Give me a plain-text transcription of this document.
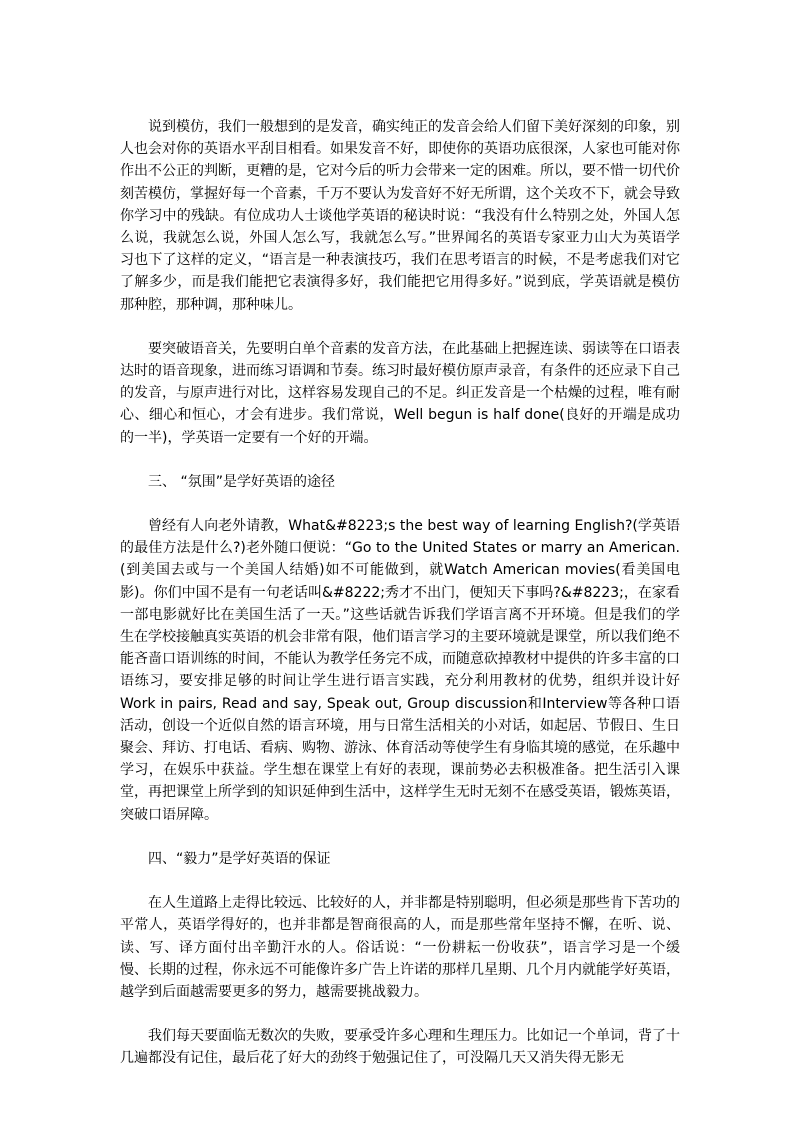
说到模仿，我们一般想到的是发音，确实纯正的发音会给人们留下美好深刻的印象，别人也会对你的英语水平刮目相看。如果发音不好，即使你的英语功底很深，人家也可能对你作出不公正的判断，更糟的是，它对今后的听力会带来一定的困难。所以，要不惜一切代价刻苦模仿，掌握好每一个音素，千万不要认为发音好不好无所谓，这个关攻不下，就会导致你学习中的残缺。有位成功人士谈他学英语的秘诀时说：“我没有什么特别之处，外国人怎么说，我就怎么说，外国人怎么写，我就怎么写。”世界闻名的英语专家亚力山大为英语学习也下了这样的定义，“语言是一种表演技巧，我们在思考语言的时候，不是考虑我们对它了解多少，而是我们能把它表演得多好，我们能把它用得多好。”说到底，学英语就是模仿那种腔，那种调，那种味儿。

要突破语音关，先要明白单个音素的发音方法，在此基础上把握连读、弱读等在口语表达时的语音现象，进而练习语调和节奏。练习时最好模仿原声录音，有条件的还应录下自己的发音，与原声进行对比，这样容易发现自己的不足。纠正发音是一个枯燥的过程，唯有耐心、细心和恒心，才会有进步。我们常说，Well begun is half done(良好的开端是成功的一半)，学英语一定要有一个好的开端。

三、 “氛围”是学好英语的途径

曾经有人向老外请教，What&#8223;s the best way of learning English?(学英语的最佳方法是什么?)老外随口便说：“Go to the United States or marry an American.(到美国去或与一个美国人结婚)如不可能做到，就Watch American movies(看美国电影)。你们中国不是有一句老话叫&#8222;秀才不出门，便知天下事吗?&#8223;，在家看一部电影就好比在美国生活了一天。”这些话就告诉我们学语言离不开环境。但是我们的学生在学校接触真实英语的机会非常有限，他们语言学习的主要环境就是课堂，所以我们绝不能吝啬口语训练的时间，不能认为教学任务完不成，而随意砍掉教材中提供的许多丰富的口语练习，要安排足够的时间让学生进行语言实践，充分利用教材的优势，组织并设计好Work in pairs, Read and say, Speak out, Group discussion和Interview等各种口语活动，创设一个近似自然的语言环境，用与日常生活相关的小对话，如起居、节假日、生日聚会、拜访、打电话、看病、购物、游泳、体育活动等使学生有身临其境的感觉，在乐趣中学习，在娱乐中获益。学生想在课堂上有好的表现，课前势必去积极准备。把生活引入课堂，再把课堂上所学到的知识延伸到生活中，这样学生无时无刻不在感受英语，锻炼英语，突破口语屏障。

四、“毅力”是学好英语的保证

在人生道路上走得比较远、比较好的人，并非都是特别聪明，但必须是那些肯下苦功的平常人，英语学得好的，也并非都是智商很高的人，而是那些常年坚持不懈，在听、说、读、写、译方面付出辛勤汗水的人。俗话说：“一份耕耘一份收获”，语言学习是一个缓慢、长期的过程，你永远不可能像许多广告上许诺的那样几星期、几个月内就能学好英语，越学到后面越需要更多的努力，越需要挑战毅力。

我们每天要面临无数次的失败，要承受许多心理和生理压力。比如记一个单词，背了十几遍都没有记住，最后花了好大的劲终于勉强记住了，可没隔几天又消失得无影无
